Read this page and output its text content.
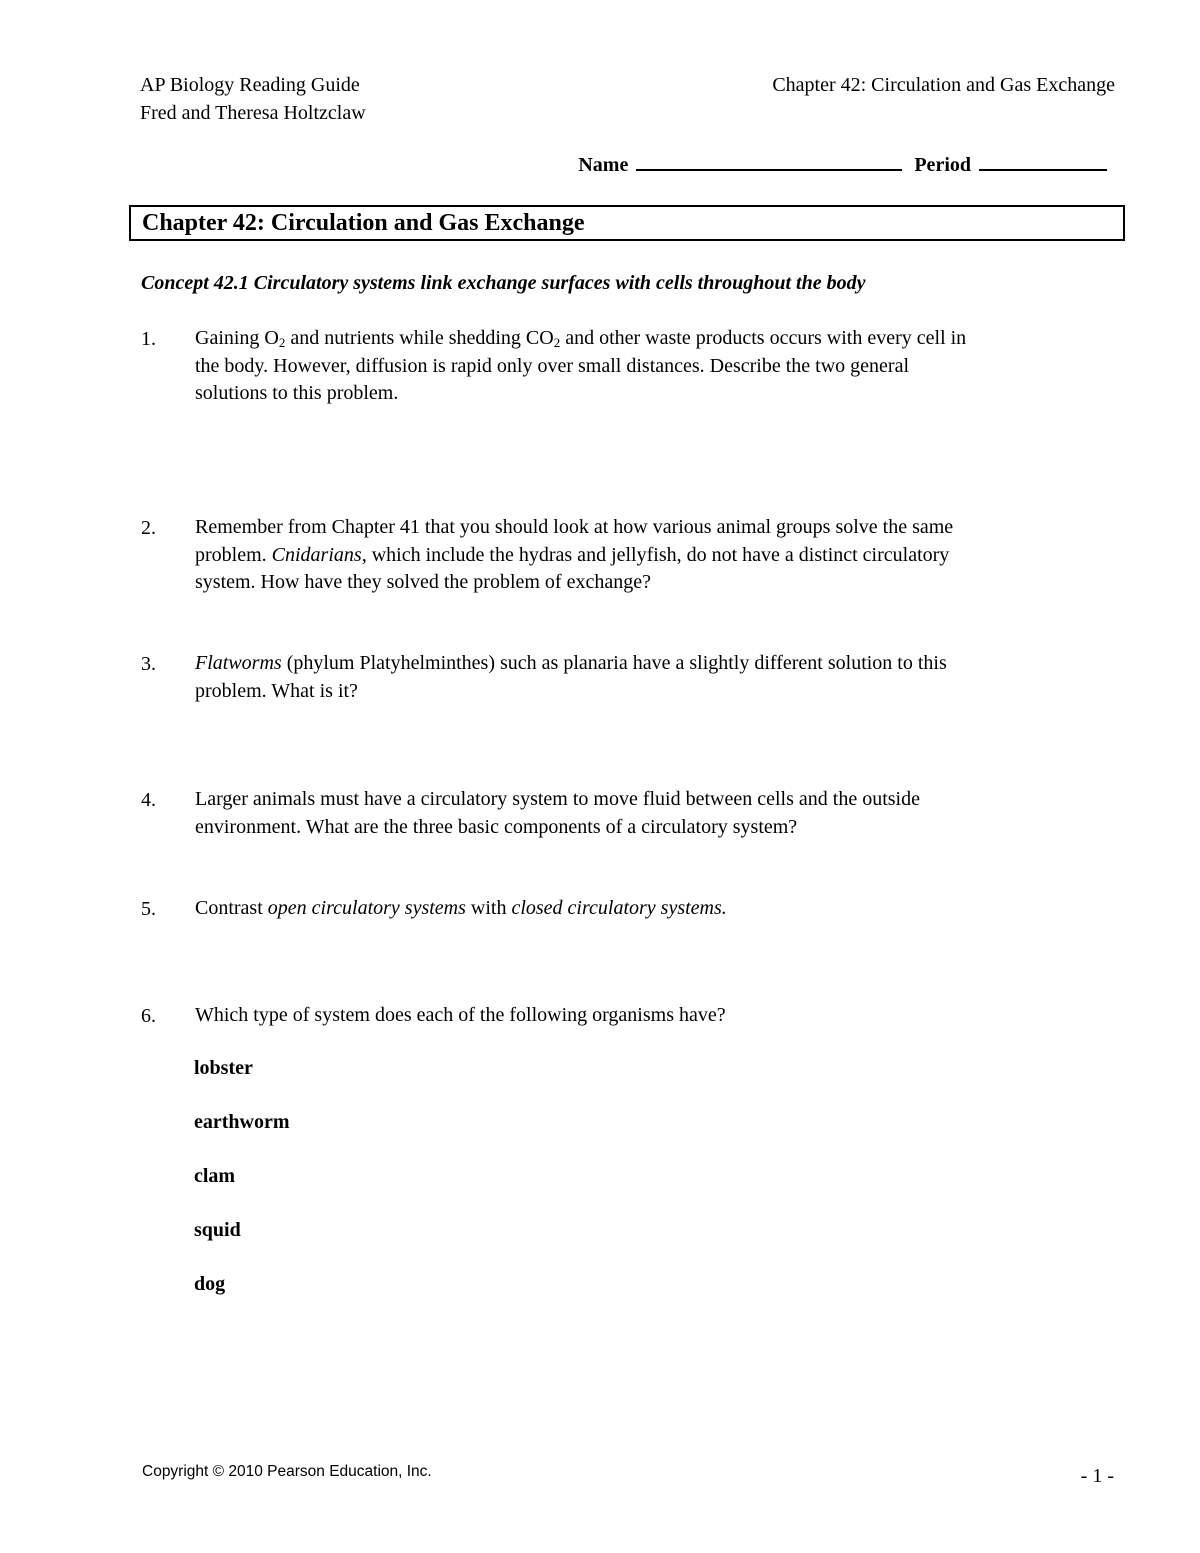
AP Biology Reading Guide
Fred and Theresa Holtzclaw
Chapter 42: Circulation and Gas Exchange
Name	Period
Chapter 42: Circulation and Gas Exchange
Concept 42.1 Circulatory systems link exchange surfaces with cells throughout the body
1. Gaining $O_2$ and nutrients while shedding $CO_2$ and other waste products occurs with every cell in
the body. However, diffusion is rapid only over small distances. Describe the two general
solutions to this problem.
2. Remember from Chapter 41 that you should look at how various animal groups solve the same
problem. Cnidarians, which include the hydras and jellyfish, do not have a distinct circulatory
system. How have they solved the problem of exchange?
3. Flatworms (phylum Platyhelminthes) such as planaria have a slightly different solution to this
problem. What is it?
4. Larger animals must have a circulatory system to move fluid between cells and the outside
environment. What are the three basic components of a circulatory system?
5. Contrast open circulatory systems with closed circulatory systems.
6. Which type of system does each of the following organisms have?
lobster
earthworm
clam
squid
dog
Copyright © 2010 Pearson Education, Inc.	- 1 -
